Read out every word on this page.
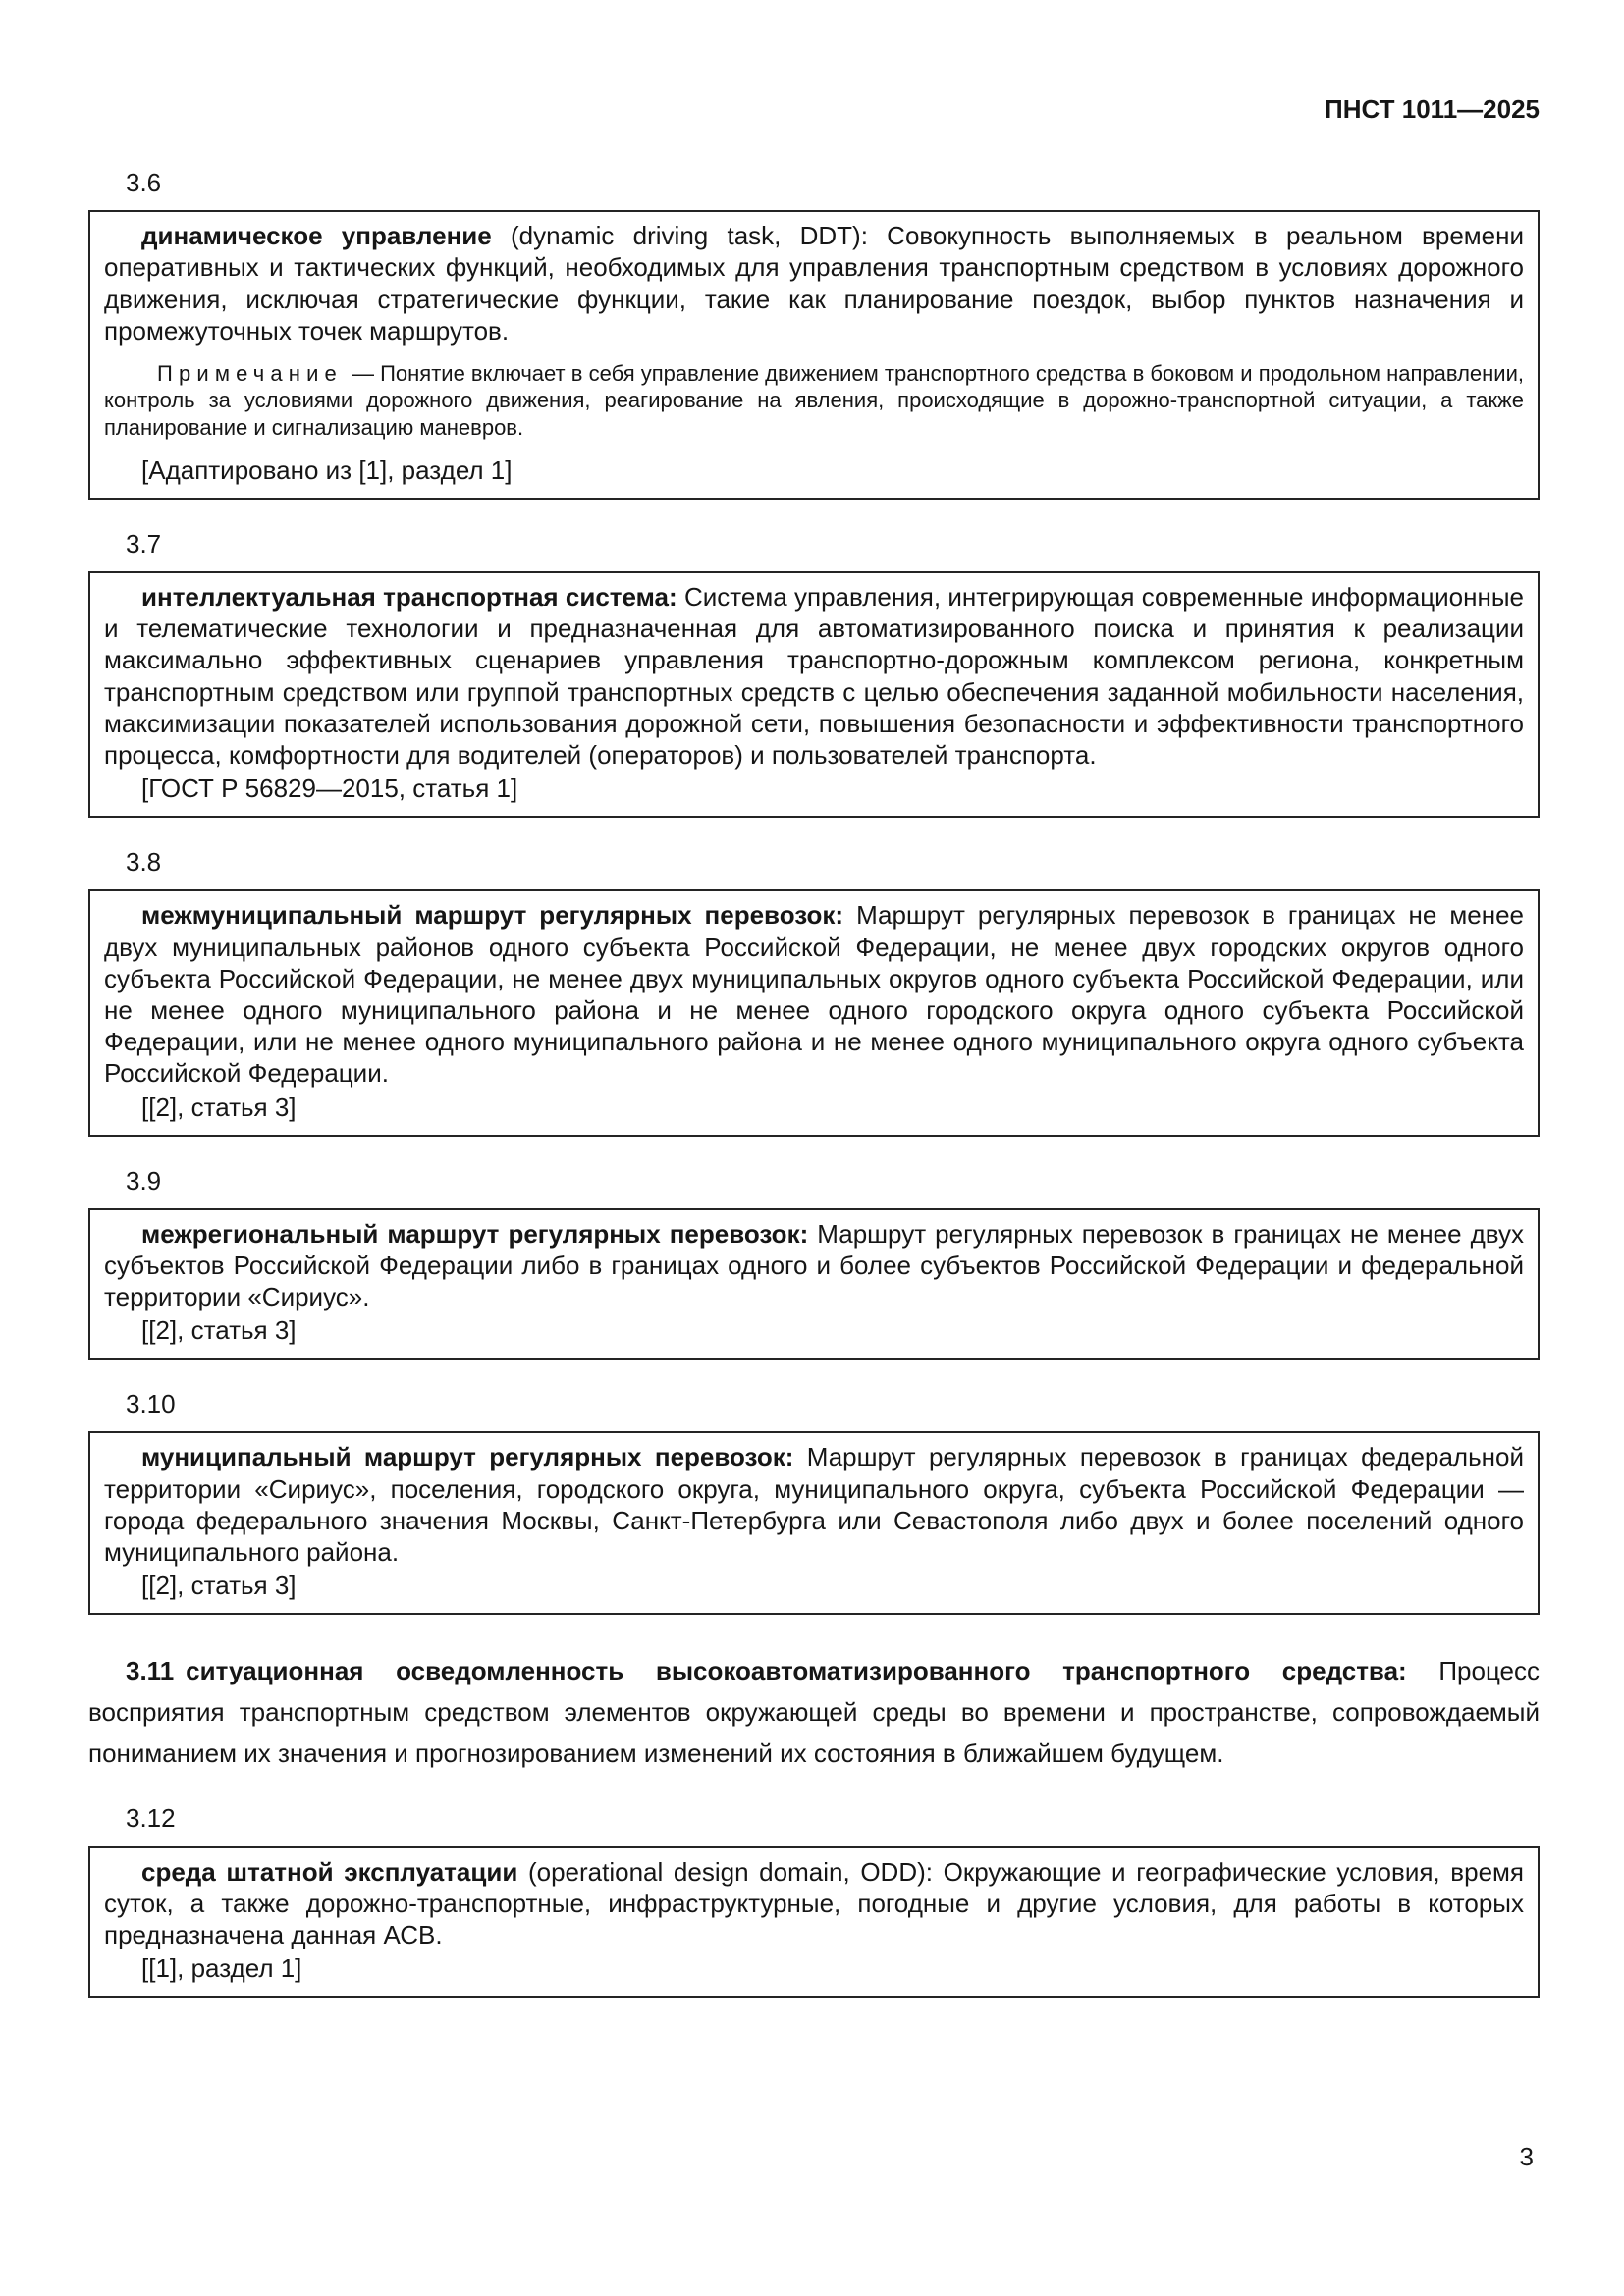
ПНСТ 1011—2025
3.6

динамическое управление (dynamic driving task, DDT): Совокупность выполняемых в реальном времени оперативных и тактических функций, необходимых для управления транспортным средством в условиях дорожного движения, исключая стратегические функции, такие как планирование поездок, выбор пунктов назначения и промежуточных точек маршрутов.

Примечание — Понятие включает в себя управление движением транспортного средства в боковом и продольном направлении, контроль за условиями дорожного движения, реагирование на явления, происходящие в дорожно-транспортной ситуации, а также планирование и сигнализацию маневров.

[Адаптировано из [1], раздел 1]

3.7

интеллектуальная транспортная система: Система управления, интегрирующая современные информационные и телематические технологии и предназначенная для автоматизированного поиска и принятия к реализации максимально эффективных сценариев управления транспортно-дорожным комплексом региона, конкретным транспортным средством или группой транспортных средств с целью обеспечения заданной мобильности населения, максимизации показателей использования дорожной сети, повышения безопасности и эффективности транспортного процесса, комфортности для водителей (операторов) и пользователей транспорта.

[ГОСТ Р 56829—2015, статья 1]

3.8

межмуниципальный маршрут регулярных перевозок: Маршрут регулярных перевозок в границах не менее двух муниципальных районов одного субъекта Российской Федерации, не менее двух городских округов одного субъекта Российской Федерации, не менее двух муниципальных округов одного субъекта Российской Федерации, или не менее одного муниципального района и не менее одного городского округа одного субъекта Российской Федерации, или не менее одного муниципального района и не менее одного муниципального округа одного субъекта Российской Федерации.

[[2], статья 3]

3.9

межрегиональный маршрут регулярных перевозок: Маршрут регулярных перевозок в границах не менее двух субъектов Российской Федерации либо в границах одного и более субъектов Российской Федерации и федеральной территории «Сириус».

[[2], статья 3]

3.10

муниципальный маршрут регулярных перевозок: Маршрут регулярных перевозок в границах федеральной территории «Сириус», поселения, городского округа, муниципального округа, субъекта Российской Федерации — города федерального значения Москвы, Санкт-Петербурга или Севастополя либо двух и более поселений одного муниципального района.

[[2], статья 3]

3.11 ситуационная осведомленность высокоавтоматизированного транспортного средства: Процесс восприятия транспортным средством элементов окружающей среды во времени и пространстве, сопровождаемый пониманием их значения и прогнозированием изменений их состояния в ближайшем будущем.

3.12

среда штатной эксплуатации (operational design domain, ODD): Окружающие и географические условия, время суток, а также дорожно-транспортные, инфраструктурные, погодные и другие условия, для работы в которых предназначена данная АСВ.

[[1], раздел 1]

3
